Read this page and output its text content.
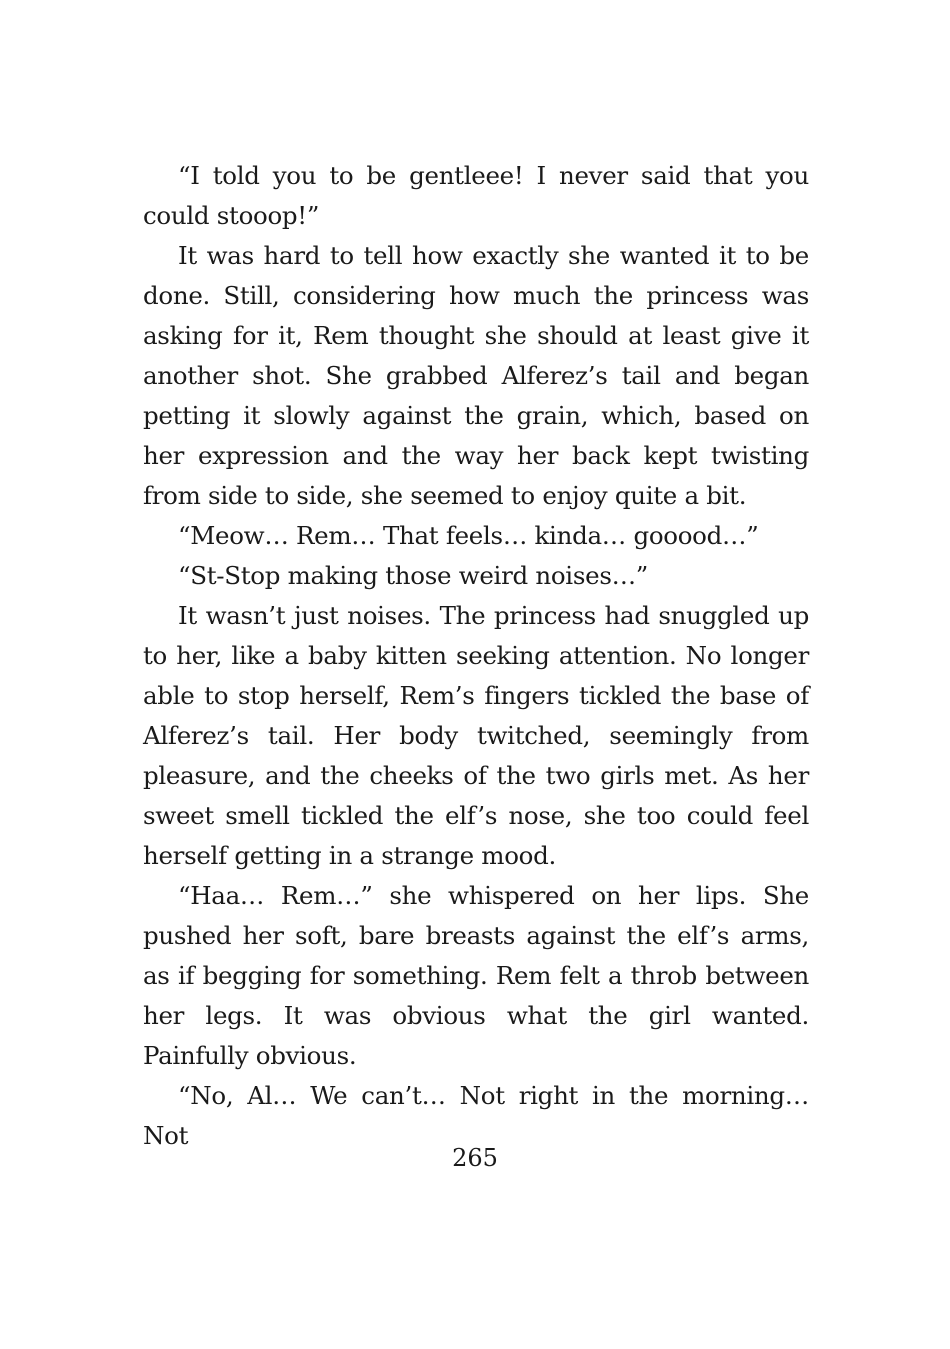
“I told you to be gentleee! I never said that you could stooop!”

It was hard to tell how exactly she wanted it to be done. Still, considering how much the princess was asking for it, Rem thought she should at least give it another shot. She grabbed Alferez’s tail and began petting it slowly against the grain, which, based on her expression and the way her back kept twisting from side to side, she seemed to enjoy quite a bit.

“Meow… Rem… That feels… kinda… gooood…”

“St-Stop making those weird noises…”

It wasn’t just noises. The princess had snuggled up to her, like a baby kitten seeking attention. No longer able to stop herself, Rem’s fingers tickled the base of Alferez’s tail. Her body twitched, seemingly from pleasure, and the cheeks of the two girls met. As her sweet smell tickled the elf’s nose, she too could feel herself getting in a strange mood.

“Haa… Rem…” she whispered on her lips. She pushed her soft, bare breasts against the elf’s arms, as if begging for something. Rem felt a throb between her legs. It was obvious what the girl wanted. Painfully obvious.

“No, Al… We can’t… Not right in the morning… Not

265
